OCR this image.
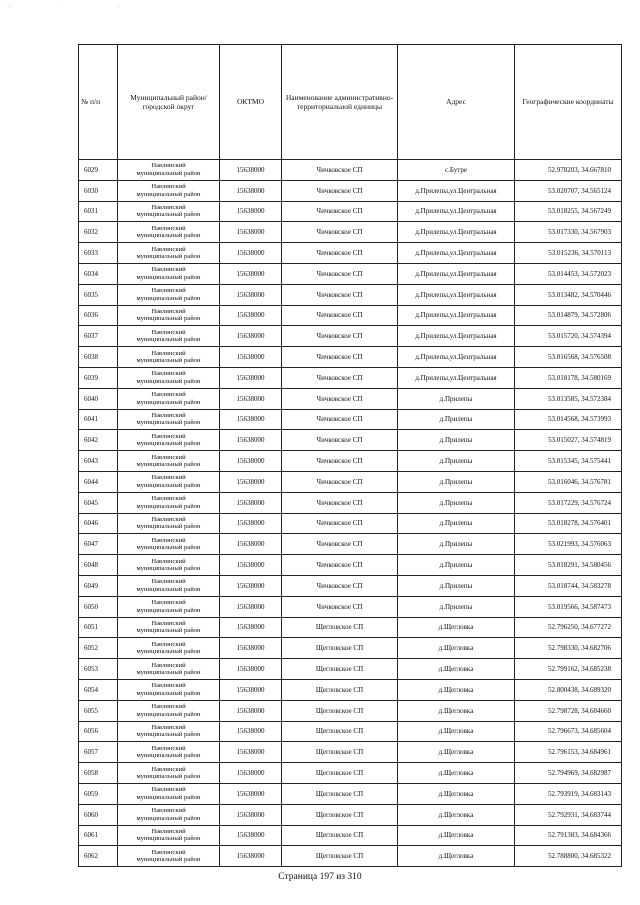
· ··	·	·
№ п/п	Муниципальный район/городской округ	ОКТМО	Наименование административно-территориальной единицы	Адрес	Географические координаты
6029	Навлинский
муниципальный район	15638000	Чичковское СП	с.Бутре	52.978203, 34.667810
6030	Навлинский
муниципальный район	15638000	Чичковское СП	д.Прилепы,ул.Центральная	53.020707, 34.565124
6031	Навлинский
муниципальный район	15638000	Чичковское СП	д.Прилепы,ул.Центральная	53.018255, 34.567249
6032	Навлинский
муниципальный район	15638000	Чичковское СП	д.Прилепы,ул.Центральная	53.017330, 34.567903
6033	Навлинский
муниципальный район	15638000	Чичковское СП	д.Прилепы,ул.Центральная	53.015236, 34.570113
6034	Навлинский
муниципальный район	15638000	Чичковское СП	д.Прилепы,ул.Центральная	53.014453, 34.572023
6035	Навлинский
муниципальный район	15638000	Чичковское СП	д.Прилепы,ул.Центральная	53.013482, 34.570446
6036	Навлинский
муниципальный район	15638000	Чичковское СП	д.Прилепы,ул.Центральная	53.014879, 34.572806
6037	Навлинский
муниципальный район	15638000	Чичковское СП	д.Прилепы,ул.Центральная	53.015720, 34.574394
6038	Навлинский
муниципальный район	15638000	Чичковское СП	д.Прилепы,ул.Центральная	53.016568, 34.576508
6039	Навлинский
муниципальный район	15638000	Чичковское СП	д.Прилепы,ул.Центральная	53.018178, 34.580169
6040	Навлинский
муниципальный район	15638000	Чичковское СП	д.Прилепы	53.013585, 34.572384
6041	Навлинский
муниципальный район	15638000	Чичковское СП	д.Прилепы	53.014568, 34.573993
6042	Навлинский
муниципальный район	15638000	Чичковское СП	д.Прилепы	53.015027, 34.574819
6043	Навлинский
муниципальный район	15638000	Чичковское СП	д.Прилепы	53.015345, 34.575441
6044	Навлинский
муниципальный район	15638000	Чичковское СП	д.Прилепы	53.016046, 34.576781
6045	Навлинский
муниципальный район	15638000	Чичковское СП	д.Прилепы	53.017229, 34.576724
6046	Навлинский
муниципальный район	15638000	Чичковское СП	д.Прилепы	53.018278, 34.576401
6047	Навлинский
муниципальный район	15638000	Чичковское СП	д.Прилепы	53.021993, 34.576063
6048	Навлинский
муниципальный район	15638000	Чичковское СП	д.Прилепы	53.018291, 34.580456
6049	Навлинский
муниципальный район	15638000	Чичковское СП	д.Прилепы	53.018744, 34.583278
6050	Навлинский
муниципальный район	15638000	Чичковское СП	д.Прилепы	53.019566, 34.587473
6051	Навлинский
муниципальный район	15638000	Щегловское СП	д.Щегловка	52.796250, 34.677272
6052	Навлинский
муниципальный район	15638000	Щегловское СП	д.Щегловка	52.798330, 34.682706
6053	Навлинский
муниципальный район	15638000	Щегловское СП	д.Щегловка	52.799162, 34.685238
6054	Навлинский
муниципальный район	15638000	Щегловское СП	д.Щегловка	52.800438, 34.689320
6055	Навлинский
муниципальный район	15638000	Щегловское СП	д.Щегловка	52.798728, 34.684660
6056	Навлинский
муниципальный район	15638000	Щегловское СП	д.Щегловка	52.796673, 34.685604
6057	Навлинский
муниципальный район	15638000	Щегловское СП	д.Щегловка	52.796153, 34.684961
6058	Навлинский
муниципальный район	15638000	Щегловское СП	д.Щегловка	52.794969, 34.682987
6059	Навлинский
муниципальный район	15638000	Щегловское СП	д.Щегловка	52.793919, 34.683143
6060	Навлинский
муниципальный район	15638000	Щегловское СП	д.Щегловка	52.792931, 34.683744
6061	Навлинский
муниципальный район	15638000	Щегловское СП	д.Щегловка	52.791383, 34.684366
6062	Навлинский
муниципальный район	15638000	Щегловское СП	д.Щегловка	52.788800, 34.685322
Страница 197 из 310
